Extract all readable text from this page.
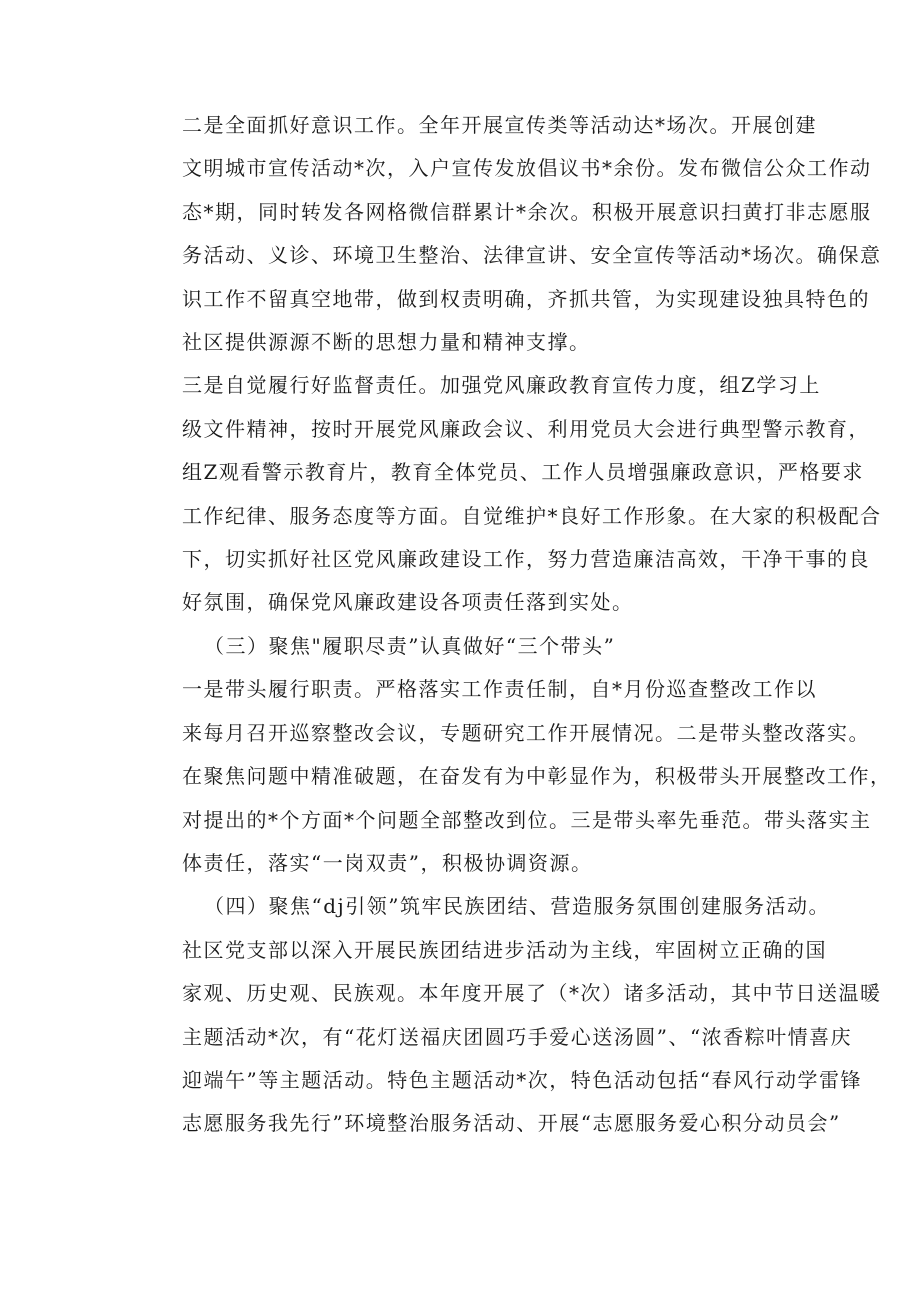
二是全面抓好意识工作。全年开展宣传类等活动达*场次。开展创建
文明城市宣传活动*次，入户宣传发放倡议书*余份。发布微信公众工作动
态*期，同时转发各网格微信群累计*余次。积极开展意识扫黄打非志愿服
务活动、义诊、环境卫生整治、法律宣讲、安全宣传等活动*场次。确保意
识工作不留真空地带，做到权责明确，齐抓共管，为实现建设独具特色的
社区提供源源不断的思想力量和精神支撑。

三是自觉履行好监督责任。加强党风廉政教育宣传力度，组Z学习上
级文件精神，按时开展党风廉政会议、利用党员大会进行典型警示教育，
组Z观看警示教育片，教育全体党员、工作人员增强廉政意识，严格要求
工作纪律、服务态度等方面。自觉维护*良好工作形象。在大家的积极配合
下，切实抓好社区党风廉政建设工作，努力营造廉洁高效，干净干事的良
好氛围，确保党风廉政建设各项责任落到实处。

（三）聚焦"履职尽责”认真做好“三个带头”

一是带头履行职责。严格落实工作责任制，自*月份巡查整改工作以
来每月召开巡察整改会议，专题研究工作开展情况。二是带头整改落实。
在聚焦问题中精准破题，在奋发有为中彰显作为，积极带头开展整改工作，
对提出的*个方面*个问题全部整改到位。三是带头率先垂范。带头落实主
体责任，落实“一岗双责”，积极协调资源。

（四）聚焦“dj引领”筑牢民族团结、营造服务氛围创建服务活动。

社区党支部以深入开展民族团结进步活动为主线，牢固树立正确的国
家观、历史观、民族观。本年度开展了（*次）诸多活动，其中节日送温暖
主题活动*次，有“花灯送福庆团圆巧手爱心送汤圆”、“浓香粽叶情喜庆
迎端午”等主题活动。特色主题活动*次，特色活动包括“春风行动学雷锋
志愿服务我先行”环境整治服务活动、开展“志愿服务爱心积分动员会”
